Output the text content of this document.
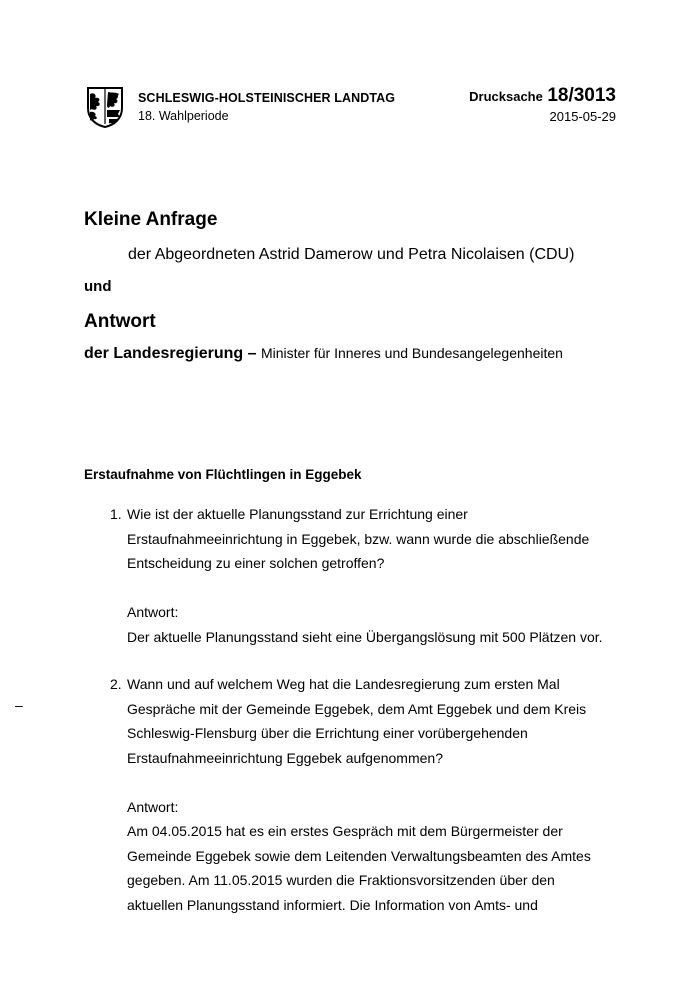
SCHLESWIG-HOLSTEINISCHER LANDTAG
18. Wahlperiode
Drucksache 18/3013
2015-05-29
Kleine Anfrage
der Abgeordneten Astrid Damerow und Petra Nicolaisen (CDU)
und
Antwort
der Landesregierung – Minister für Inneres und Bundesangelegenheiten
Erstaufnahme von Flüchtlingen in Eggebek
–
1. Wie ist der aktuelle Planungsstand zur Errichtung einer
Erstaufnahmeeinrichtung in Eggebek, bzw. wann wurde die abschließende
Entscheidung zu einer solchen getroffen?
Antwort:
Der aktuelle Planungsstand sieht eine Übergangslösung mit 500 Plätzen vor.
2. Wann und auf welchem Weg hat die Landesregierung zum ersten Mal
Gespräche mit der Gemeinde Eggebek, dem Amt Eggebek und dem Kreis
Schleswig-Flensburg über die Errichtung einer vorübergehenden
Erstaufnahmeeinrichtung Eggebek aufgenommen?
Antwort:
Am 04.05.2015 hat es ein erstes Gespräch mit dem Bürgermeister der
Gemeinde Eggebek sowie dem Leitenden Verwaltungsbeamten des Amtes
gegeben. Am 11.05.2015 wurden die Fraktionsvorsitzenden über den
aktuellen Planungsstand informiert. Die Information von Amts- und
